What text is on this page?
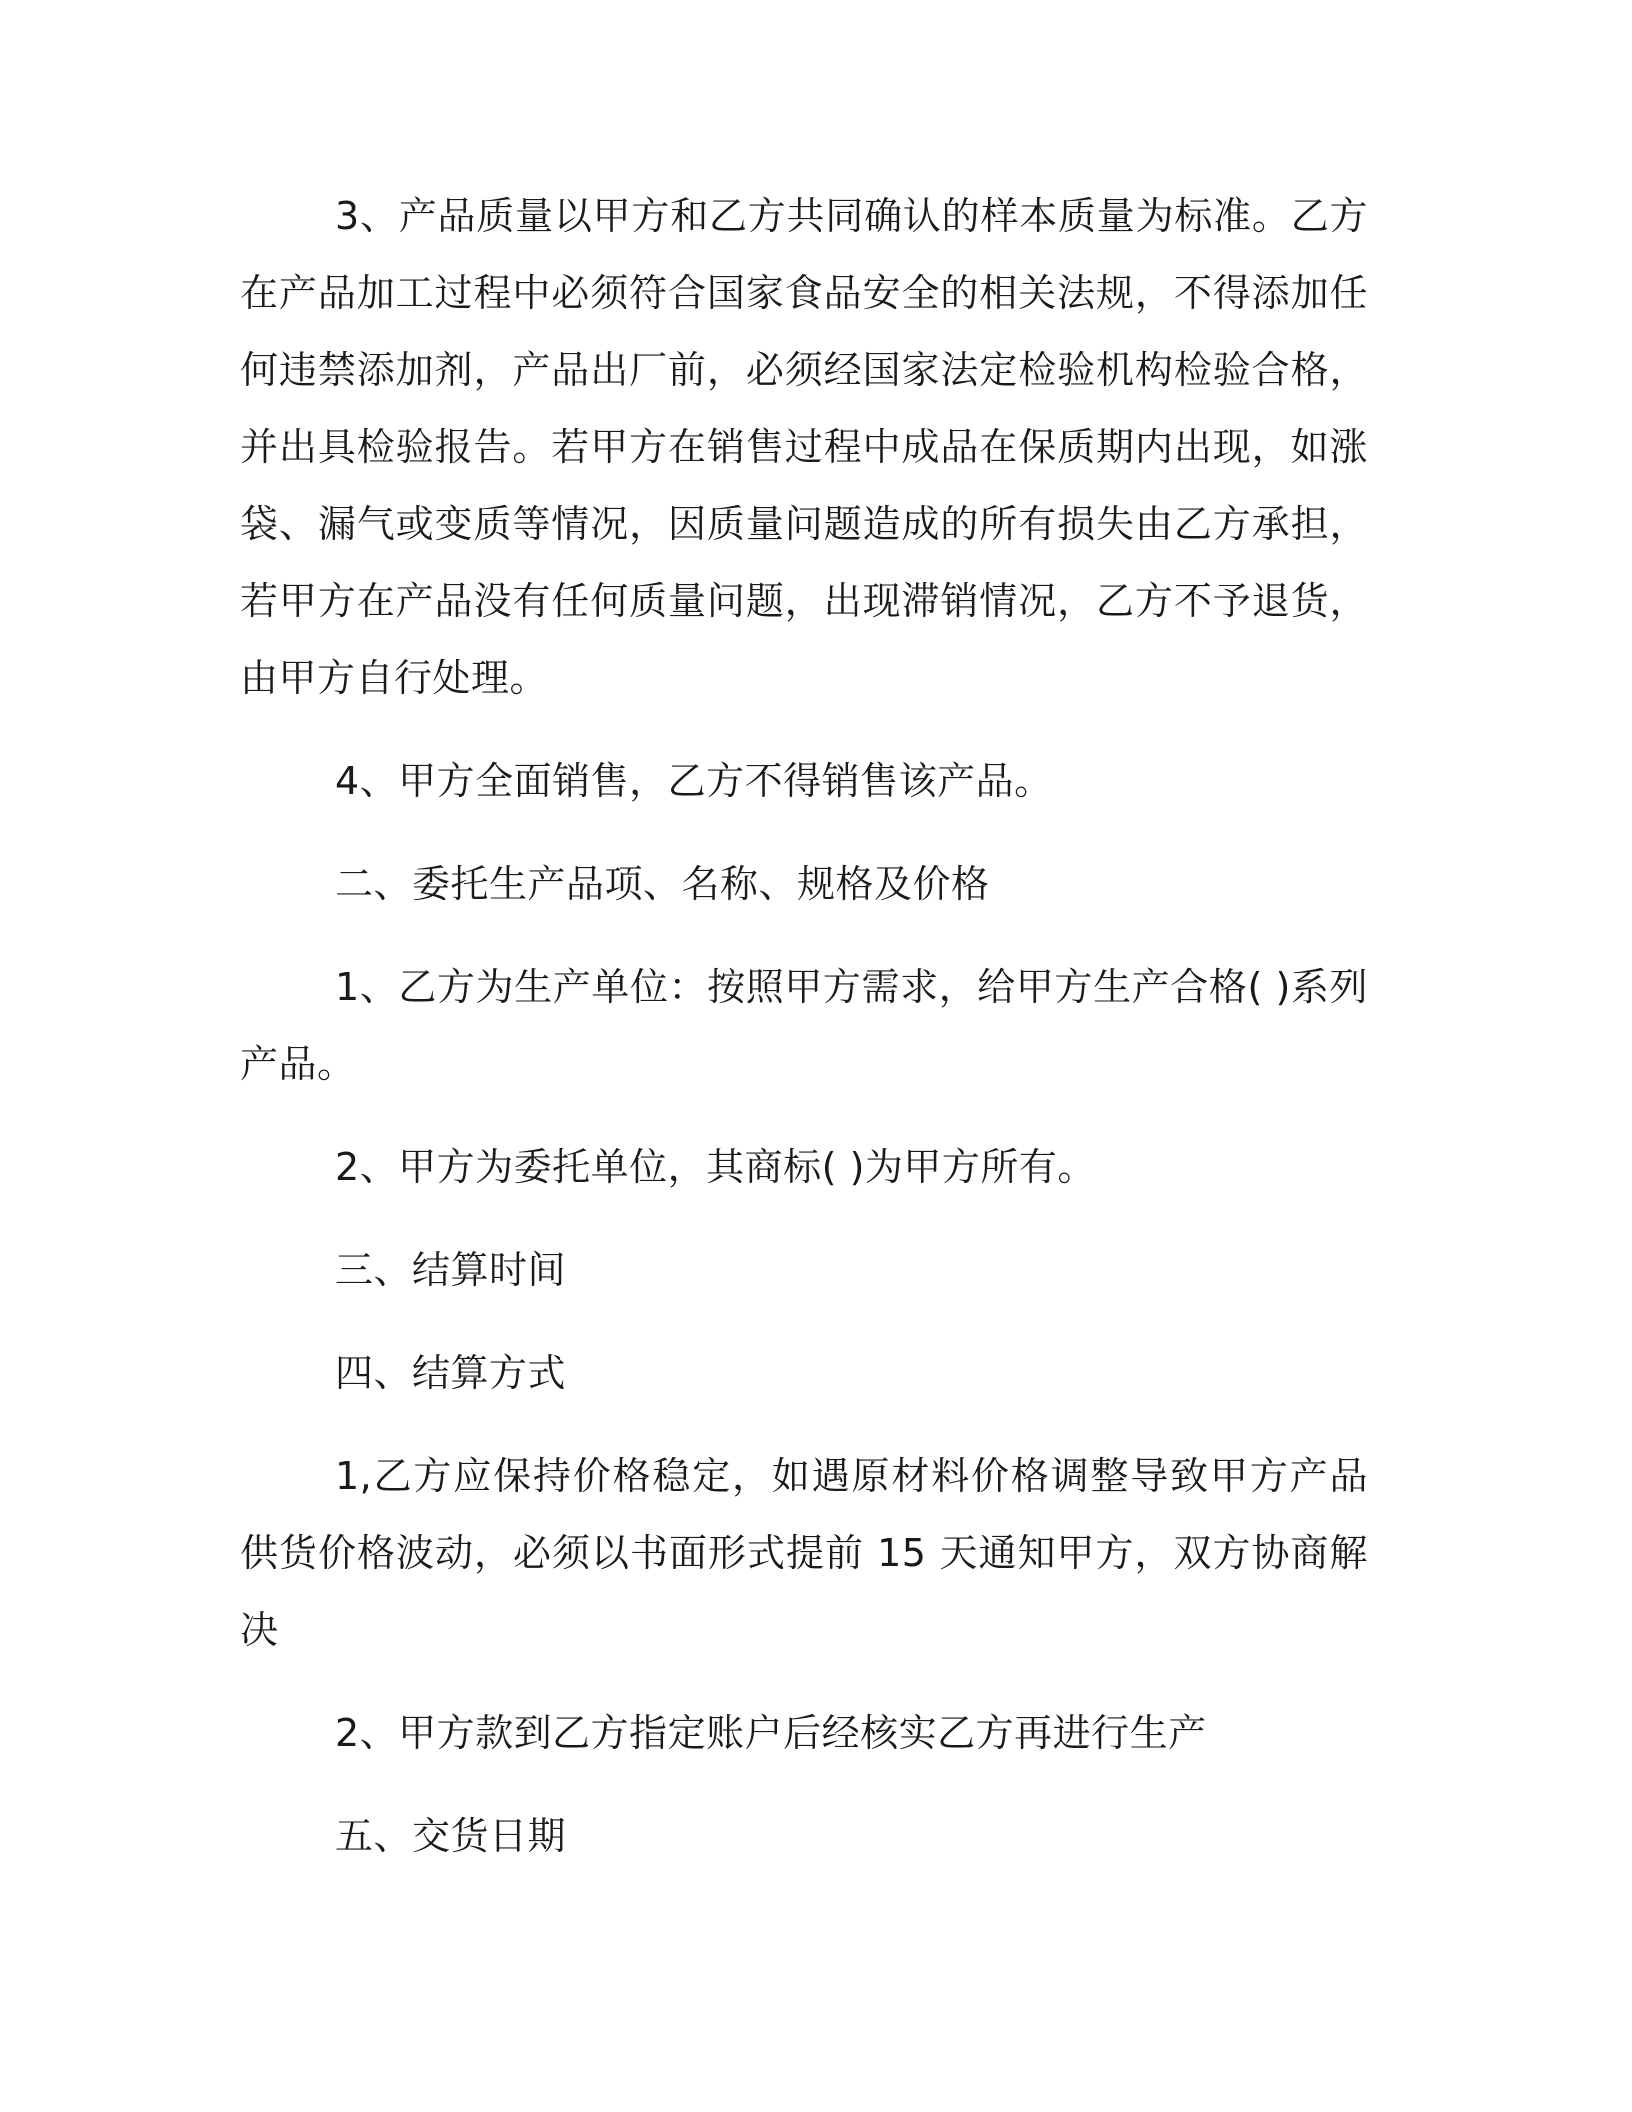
3、产品质量以甲方和乙方共同确认的样本质量为标准。乙方在产品加工过程中必须符合国家食品安全的相关法规，不得添加任何违禁添加剂，产品出厂前，必须经国家法定检验机构检验合格，并出具检验报告。若甲方在销售过程中成品在保质期内出现，如涨袋、漏气或变质等情况，因质量问题造成的所有损失由乙方承担，若甲方在产品没有任何质量问题，出现滞销情况，乙方不予退货，由甲方自行处理。

4、甲方全面销售，乙方不得销售该产品。

二、委托生产品项、名称、规格及价格

1、乙方为生产单位：按照甲方需求，给甲方生产合格( )系列产品。

2、甲方为委托单位，其商标( )为甲方所有。

三、结算时间

四、结算方式

1,乙方应保持价格稳定，如遇原材料价格调整导致甲方产品供货价格波动，必须以书面形式提前 15 天通知甲方，双方协商解决

2、甲方款到乙方指定账户后经核实乙方再进行生产

五、交货日期
